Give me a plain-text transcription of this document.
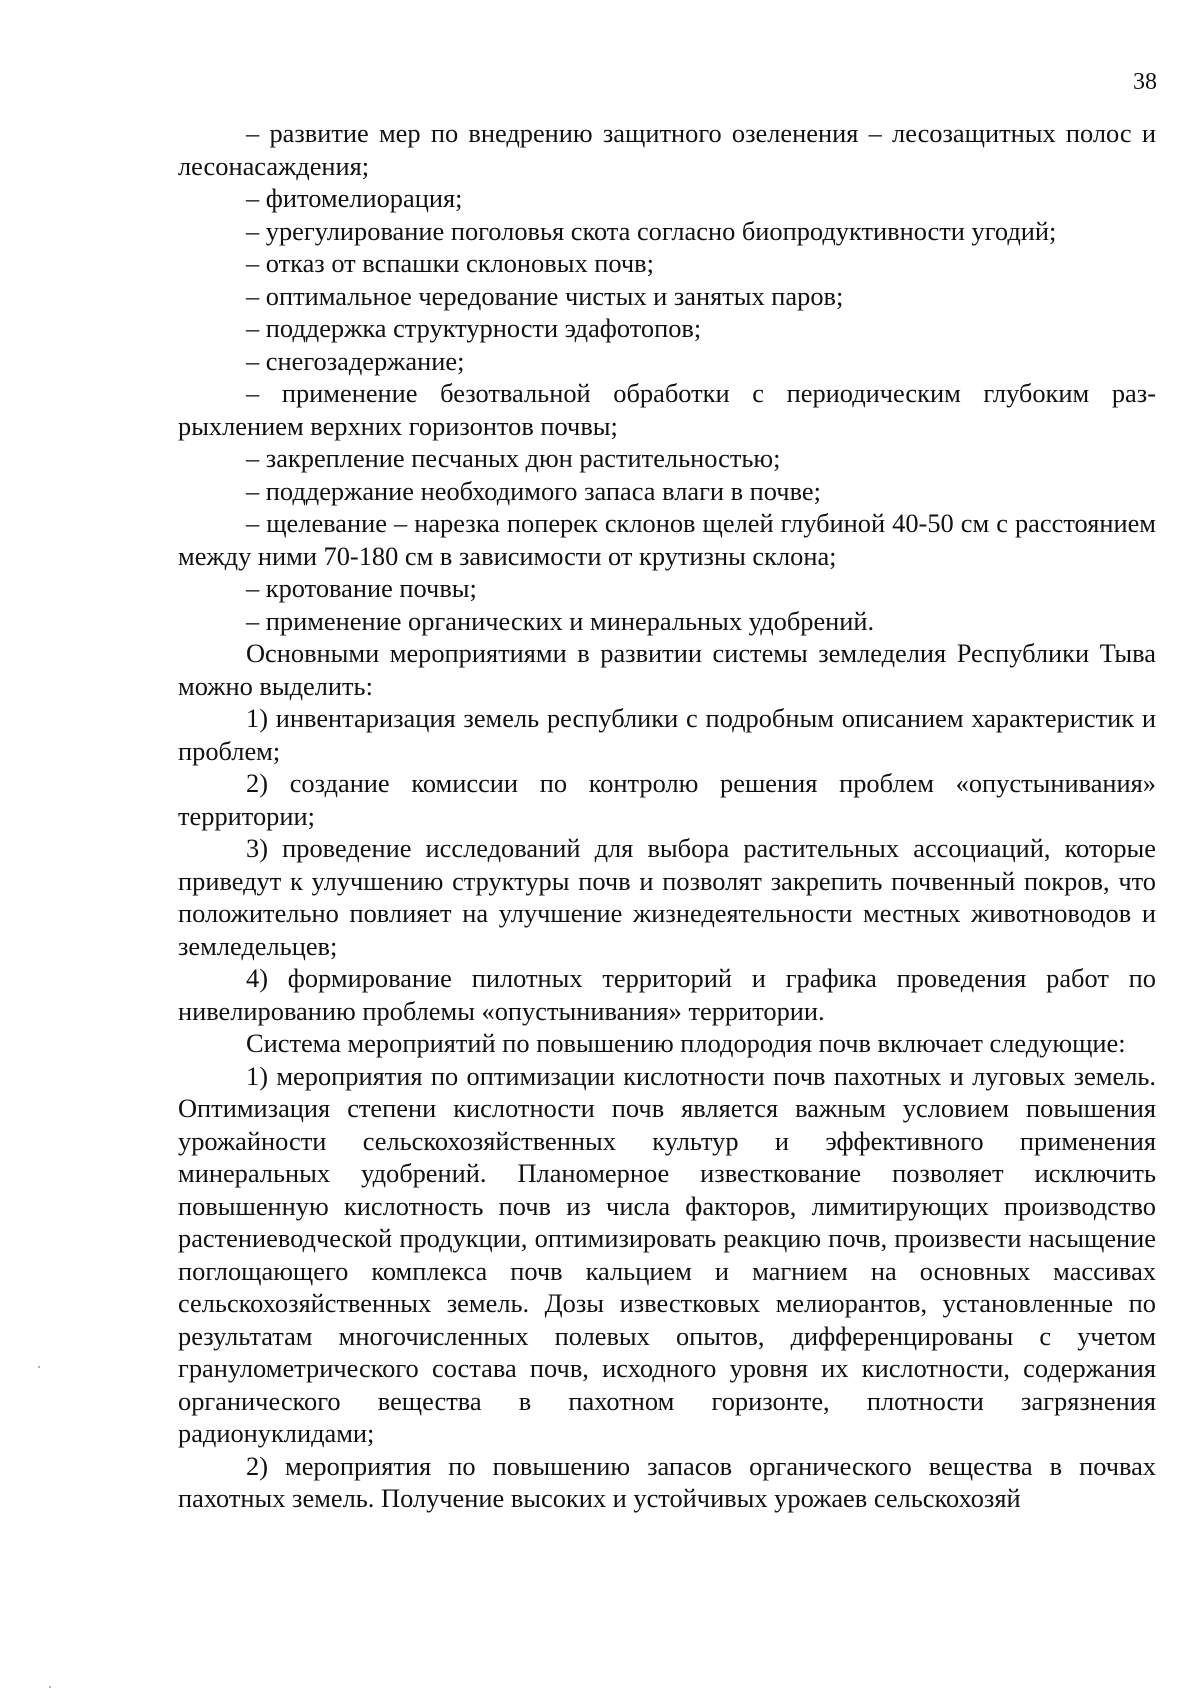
38

– развитие мер по внедрению защитного озеленения – лесозащитных полос и лесонасаждения;

– фитомелиорация;

– урегулирование поголовья скота согласно биопродуктивности угодий;

– отказ от вспашки склоновых почв;

– оптимальное чередование чистых и занятых паров;

– поддержка структурности эдафотопов;

– снегозадержание;

– применение безотвальной обработки с периодическим глубоким разрыхлением верхних горизонтов почвы;

– закрепление песчаных дюн растительностью;

– поддержание необходимого запаса влаги в почве;

– щелевание – нарезка поперек склонов щелей глубиной 40-50 см с расстоянием между ними 70-180 см в зависимости от крутизны склона;

– кротование почвы;

– применение органических и минеральных удобрений.

Основными мероприятиями в развитии системы земледелия Республики Тыва можно выделить:

1) инвентаризация земель республики с подробным описанием характеристик и проблем;

2) создание комиссии по контролю решения проблем «опустынивания» территории;

3) проведение исследований для выбора растительных ассоциаций, которые приведут к улучшению структуры почв и позволят закрепить почвенный покров, что положительно повлияет на улучшение жизнедеятельности местных животноводов и земледельцев;

4) формирование пилотных территорий и графика проведения работ по нивелированию проблемы «опустынивания» территории.

Система мероприятий по повышению плодородия почв включает следующие:

1) мероприятия по оптимизации кислотности почв пахотных и луговых земель. Оптимизация степени кислотности почв является важным условием повышения урожайности сельскохозяйственных культур и эффективного применения минеральных удобрений. Планомерное известкование позволяет исключить повышенную кислотность почв из числа факторов, лимитирующих производство растениеводческой продукции, оптимизировать реакцию почв, произвести насыщение поглощающего комплекса почв кальцием и магнием на основных массивах сельскохозяйственных земель. Дозы известковых мелиорантов, установленные по результатам многочисленных полевых опытов, дифференцированы с учетом гранулометрического состава почв, исходного уровня их кислотности, содержания органического вещества в пахотном горизонте, плотности загрязнения радионуклидами;

2) мероприятия по повышению запасов органического вещества в почвах пахотных земель. Получение высоких и устойчивых урожаев сельскохозяй
